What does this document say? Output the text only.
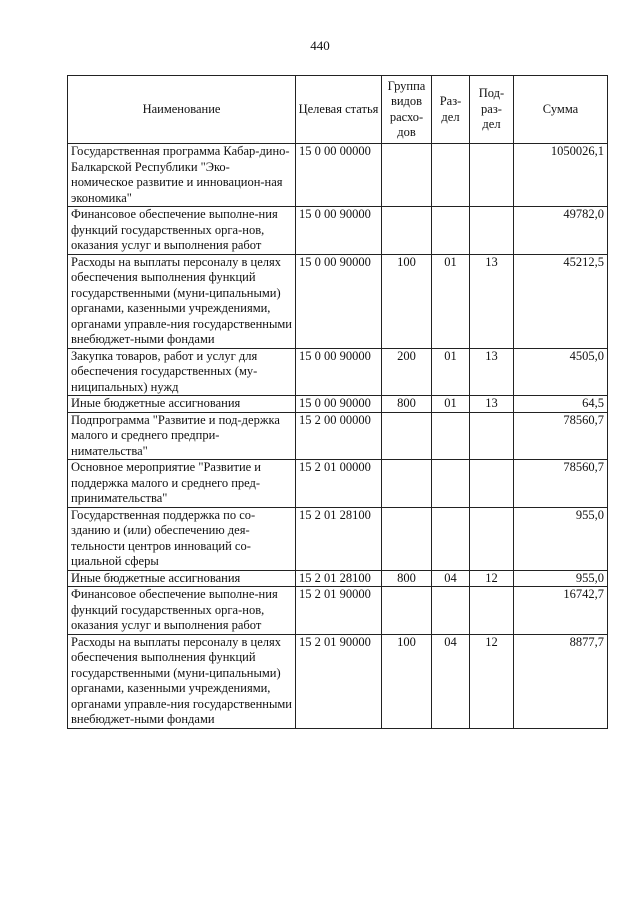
440
Наименование	Целевая статья	Группа видов расхо-дов	Раз-дел	Под-раз-дел	Сумма
Государственная программа Кабар-дино-Балкарской Республики "Эко-номическое развитие и инновацион-ная экономика"	15 0 00 00000				1050026,1
Финансовое обеспечение выполне-ния функций государственных орга-нов, оказания услуг и выполнения работ	15 0 00 90000				49782,0
Расходы на выплаты персоналу в целях обеспечения выполнения функций государственными (муни-ципальными) органами, казенными учреждениями, органами управле-ния государственными внебюджет-ными фондами	15 0 00 90000	100	01	13	45212,5
Закупка товаров, работ и услуг для обеспечения государственных (му-ниципальных) нужд	15 0 00 90000	200	01	13	4505,0
Иные бюджетные ассигнования	15 0 00 90000	800	01	13	64,5
Подпрограмма "Развитие и под-держка малого и среднего предпри-нимательства"	15 2 00 00000				78560,7
Основное мероприятие "Развитие и поддержка малого и среднего пред-принимательства"	15 2 01 00000				78560,7
Государственная поддержка по со-зданию и (или) обеспечению дея-тельности центров инноваций со-циальной сферы	15 2 01 28100				955,0
Иные бюджетные ассигнования	15 2 01 28100	800	04	12	955,0
Финансовое обеспечение выполне-ния функций государственных орга-нов, оказания услуг и выполнения работ	15 2 01 90000				16742,7
Расходы на выплаты персоналу в целях обеспечения выполнения функций государственными (муни-ципальными) органами, казенными учреждениями, органами управле-ния государственными внебюджет-ными фондами	15 2 01 90000	100	04	12	8877,7
